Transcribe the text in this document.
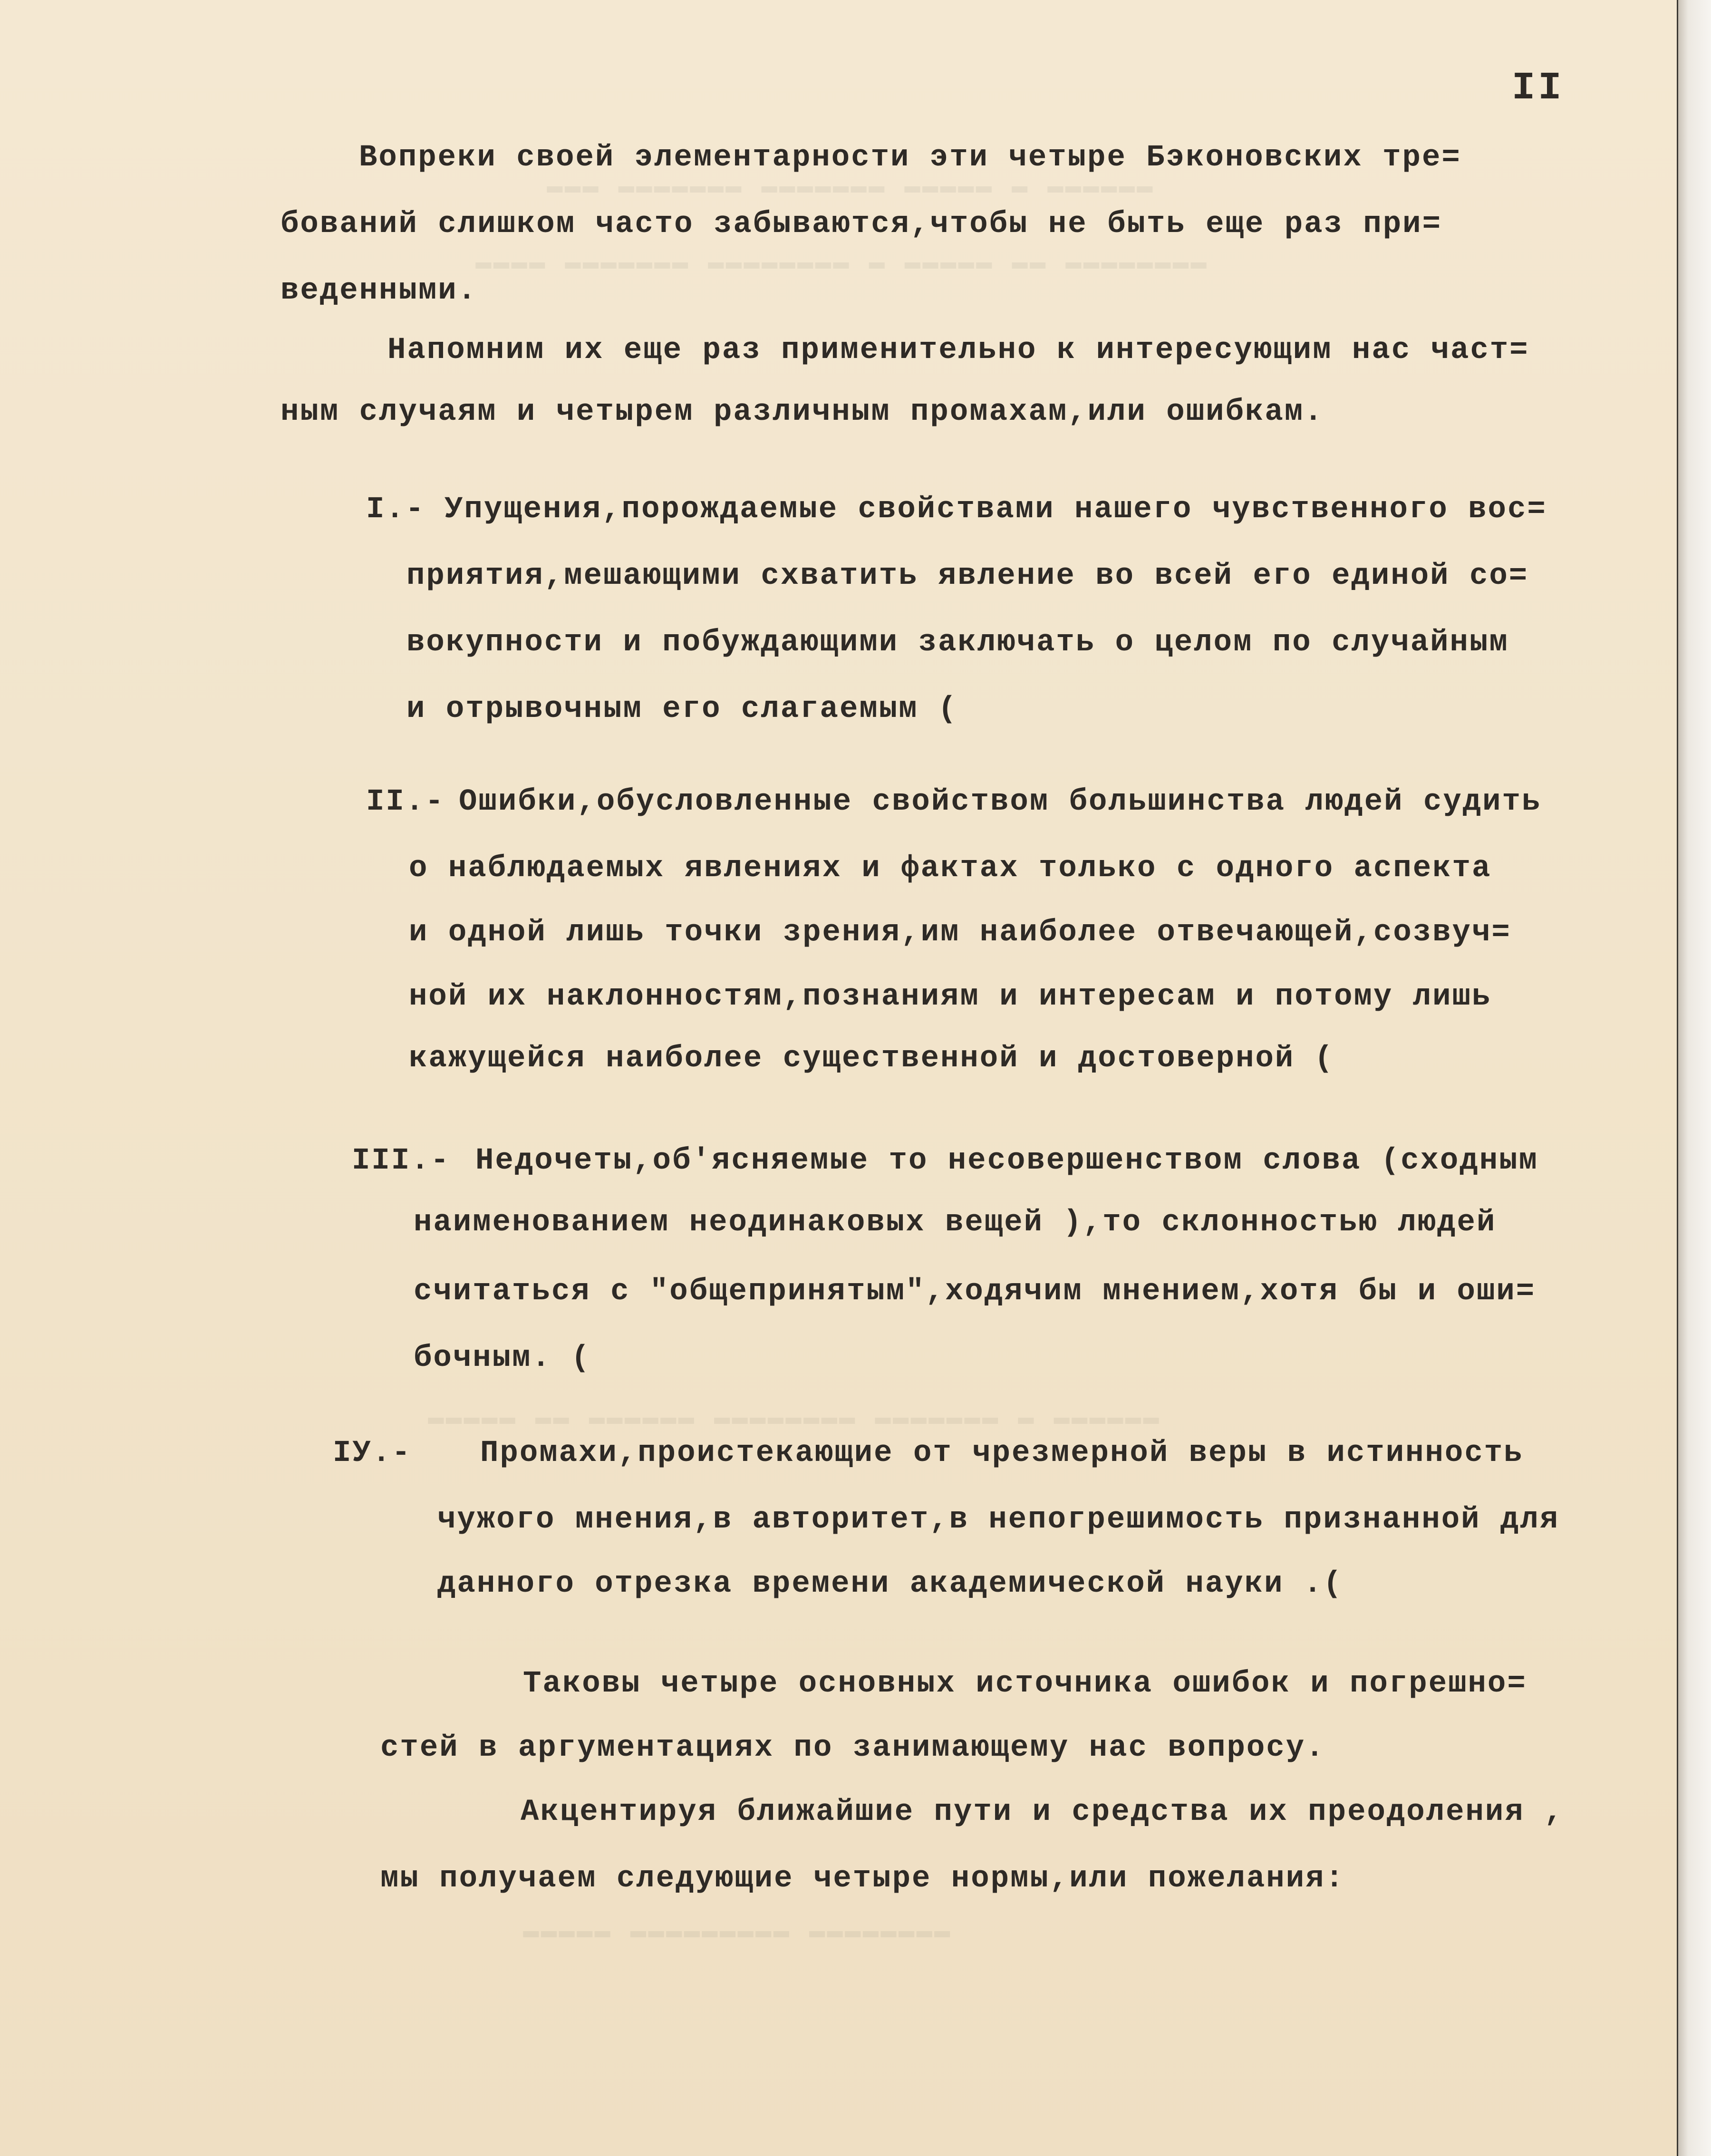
▬▬▬ ▬▬▬▬▬▬▬ ▬▬▬▬▬▬▬ ▬▬▬▬▬ ▬ ▬▬▬▬▬▬
▬▬▬▬ ▬▬▬▬▬▬▬ ▬▬▬▬▬▬▬▬ ▬ ▬▬▬▬▬ ▬▬ ▬▬▬▬▬▬▬▬
▬▬▬▬▬ ▬▬ ▬▬▬▬▬▬ ▬▬▬▬▬▬▬▬ ▬▬▬▬▬▬▬ ▬ ▬▬▬▬▬▬
▬▬▬▬▬ ▬▬▬▬▬▬▬▬▬ ▬▬▬▬▬▬▬▬
II
Вопреки своей элементарности эти четыре Бэконовских тре=
бований слишком часто забываются,чтобы не быть еще раз при=
веденными.
Напомним их еще раз применительно к интересующим нас част=
ным случаям и четырем различным промахам,или ошибкам.
I.- Упущения,порождаемые свойствами нашего чувственного вос=
приятия,мешающими схватить явление во всей его единой со=
вокупности и побуждающими заключать о целом по случайным
и отрывочным его слагаемым (
II.- Ошибки,обусловленные свойством большинства людей судить
о наблюдаемых явлениях и фактах только с одного аспекта
и одной лишь точки зрения,им наиболее отвечающей,созвуч=
ной их наклонностям,познаниям и интересам и потому лишь
кажущейся наиболее существенной и достоверной (
III.- Недочеты,об'ясняемые то несовершенством слова (сходным
наименованием неодинаковых вещей ),то склонностью людей
считаться с "общепринятым",ходячим мнением,хотя бы и оши=
бочным. (
IУ.- Промахи,проистекающие от чрезмерной веры в истинность
чужого мнения,в авторитет,в непогрешимость признанной для
данного отрезка времени академической науки .(
Таковы четыре основных источника ошибок и погрешно=
стей в аргументациях по занимающему нас вопросу.
Акцентируя ближайшие пути и средства их преодоления ,
мы получаем следующие четыре нормы,или пожелания:
